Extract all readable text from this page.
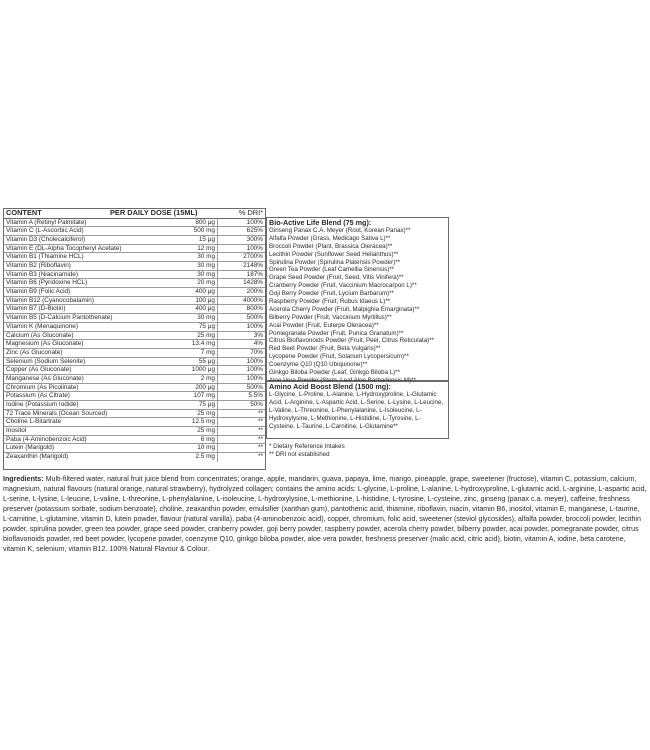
CONTENT	PER DAILY DOSE (15ML)	% DRI*
Vitamin A (Retinyl Palmitate)	800 μg	100%
Vitamin C (L-Ascorbic Acid)	500 mg	625%
Vitamin D3 (Cholecalciferol)	15 μg	300%
Vitamin E (DL-Alpha Tocopheryl Acetate)	12 mg	100%
Vitamin B1 (Thiamine HCL)	30 mg	2700%
Vitamin B2 (Riboflavin)	30 mg	2148%
Vitamin B3 (Niacinamide)	30 mg	187%
Vitamin B6 (Pyridoxine HCL)	20 mg	1428%
Vitamin B9 (Folic Acid)	400 μg	200%
Vitamin B12 (Cyanocobalamin)	100 μg	4000%
Vitamin B7 (D-Biotin)	400 μg	800%
Vitamin B5 (D-Calcium Pantothenate)	30 mg	500%
Vitamin K (Menaquinone)	75 μg	100%
Calcium (As Gluconate)	25 mg	3%
Magnesium (As Gluconate)	13.4 mg	4%
Zinc (As Gluconate)	7 mg	70%
Selenium (Sodium Selenite)	55 μg	100%
Copper (As Gluconate)	1000 μg	100%
Manganese (As Gluconate)	2 mg	100%
Chromium (As Picolinate)	200 μg	500%
Potassium (As Citrate)	107 mg	5.5%
Iodine (Potassium Iodide)	75 μg	50%
72 Trace Minerals (Ocean Sourced)	25 mg	**
Choline L-Bitartrate	12.5 mg	**
Inositol	25 mg	**
Paba (4-Aminobenzoic Acid)	6 mg	**
Lutein (Marigold)	10 mg	**
Zeaxanthin (Marigold)	2.5 mg	**
Bio-Active Life Blend (75 mg):
Ginseng Panax C.A. Meyer (Root, Korean Panax)**
Alfalfa Powder (Grass, Medicago Sativa L)**
Broccoli Powder (Plant, Brassica Oleracea)**
Lecithin Powder (Sunflower Seed Helianthus)**
Spirulina Powder (Spirulina Platensis Powder)**
Green Tea Powder (Leaf Camellia Sinensis)**
Grape Seed Powder (Fruit, Seed, Vitis Vinifera)**
Cranberry Powder (Fruit, Vaccinium Macrocarpon L)**
Goji Berry Powder (Fruit, Lycium Barbarum)**
Raspberry Powder (Fruit, Rubus Idaeus L)**
Acerola Cherry Powder (Fruit, Malpighia Emarginata)**
Bilberry Powder (Fruit, Vaccinium Myrtillus)**
Acai Powder (Fruit, Euterpe Oleracea)**
Pomegranate Powder (Fruit, Punica Granatum)**
Citrus Bioflavonoids Powder (Fruit, Peel, Citrus Reticulata)**
Red Beet Powder (Fruit, Beta Vulgaris)**
Lycopene Powder (Fruit, Solanum Lycopersicum)**
Coenzyme Q10 (Q10 Ubiquinone)**
Ginkgo Biloba Powder (Leaf, Ginkgo Biloba L)**
Aloe Vera Powder (Stem, Leaf Aloe Barbadensis M)**
Amino Acid Boost Blend (1500 mg):
L-Glycine, L-Proline, L-Alanine, L-Hydroxyproline, L-Glutamic Acid, L-Arginine, L-Aspartic Acid, L-Serine, L-Lysine, L-Leucine, L-Valine, L-Threonine, L-Phenylalanine, L-Isoleucine, L-Hydroxylysine, L-Methionine, L-Histidine, L-Tyrosine, L-Cysteine, L-Taurine, L-Carnitine, L-Glutamine**
* Dietary Reference Intakes
** DRI not established

Ingredients: Multi-filtered water, natural fruit juice blend from concentrates; orange, apple, mandarin, guava, papaya, lime, mango, pineapple, grape, sweetener (fructose), vitamin C, potassium, calcium, magnesium, natural flavours (natural orange, natural strawberry), hydrolyzed collagen; contains the amino acids: L-glycine, L-proline, L-alanine, L-hydroxyproline, L-glutamic acid, L-arginine, L-aspartic acid, L-serine, L-lysine, L-leucine, L-valine, L-threonine, L-phenylalanine, L-isoleucine, L-hydroxylysine, L-methionine, L-histidine, L-tyrosine, L-cysteine, zinc, ginseng (panax c.a. meyer), caffeine, freshness preserver (potassium sorbate, sodium benzoate), choline, zeaxanthin powder, emulsifier (xanthan gum), pantothenic acid, thiamine, riboflavin, niacin, vitamin B6, inositol, vitamin E, manganese, L-taurine, L-carnitine, L-glutamine, vitamin D, lutein powder, flavour (natural vanilla), paba (4-aminobenzoic acid), copper, chromium, folic acid, sweetener (steviol glycosides), alfalfa powder, broccoli powder, lecithin powder, spirulina powder, green tea powder, grape seed powder, cranberry powder, goji berry powder, raspberry powder, acerola cherry powder, bilberry powder, acai powder, pomegranate powder, citrus bioflavonoids powder, red beet powder, lycopene powder, coenzyme Q10, ginkgo biloba powder, aloe vera powder, freshness preserver (malic acid, citric acid), biotin, vitamin A, iodine, beta carotene, vitamin K, selenium, vitamin B12. 100% Natural Flavour & Colour.
